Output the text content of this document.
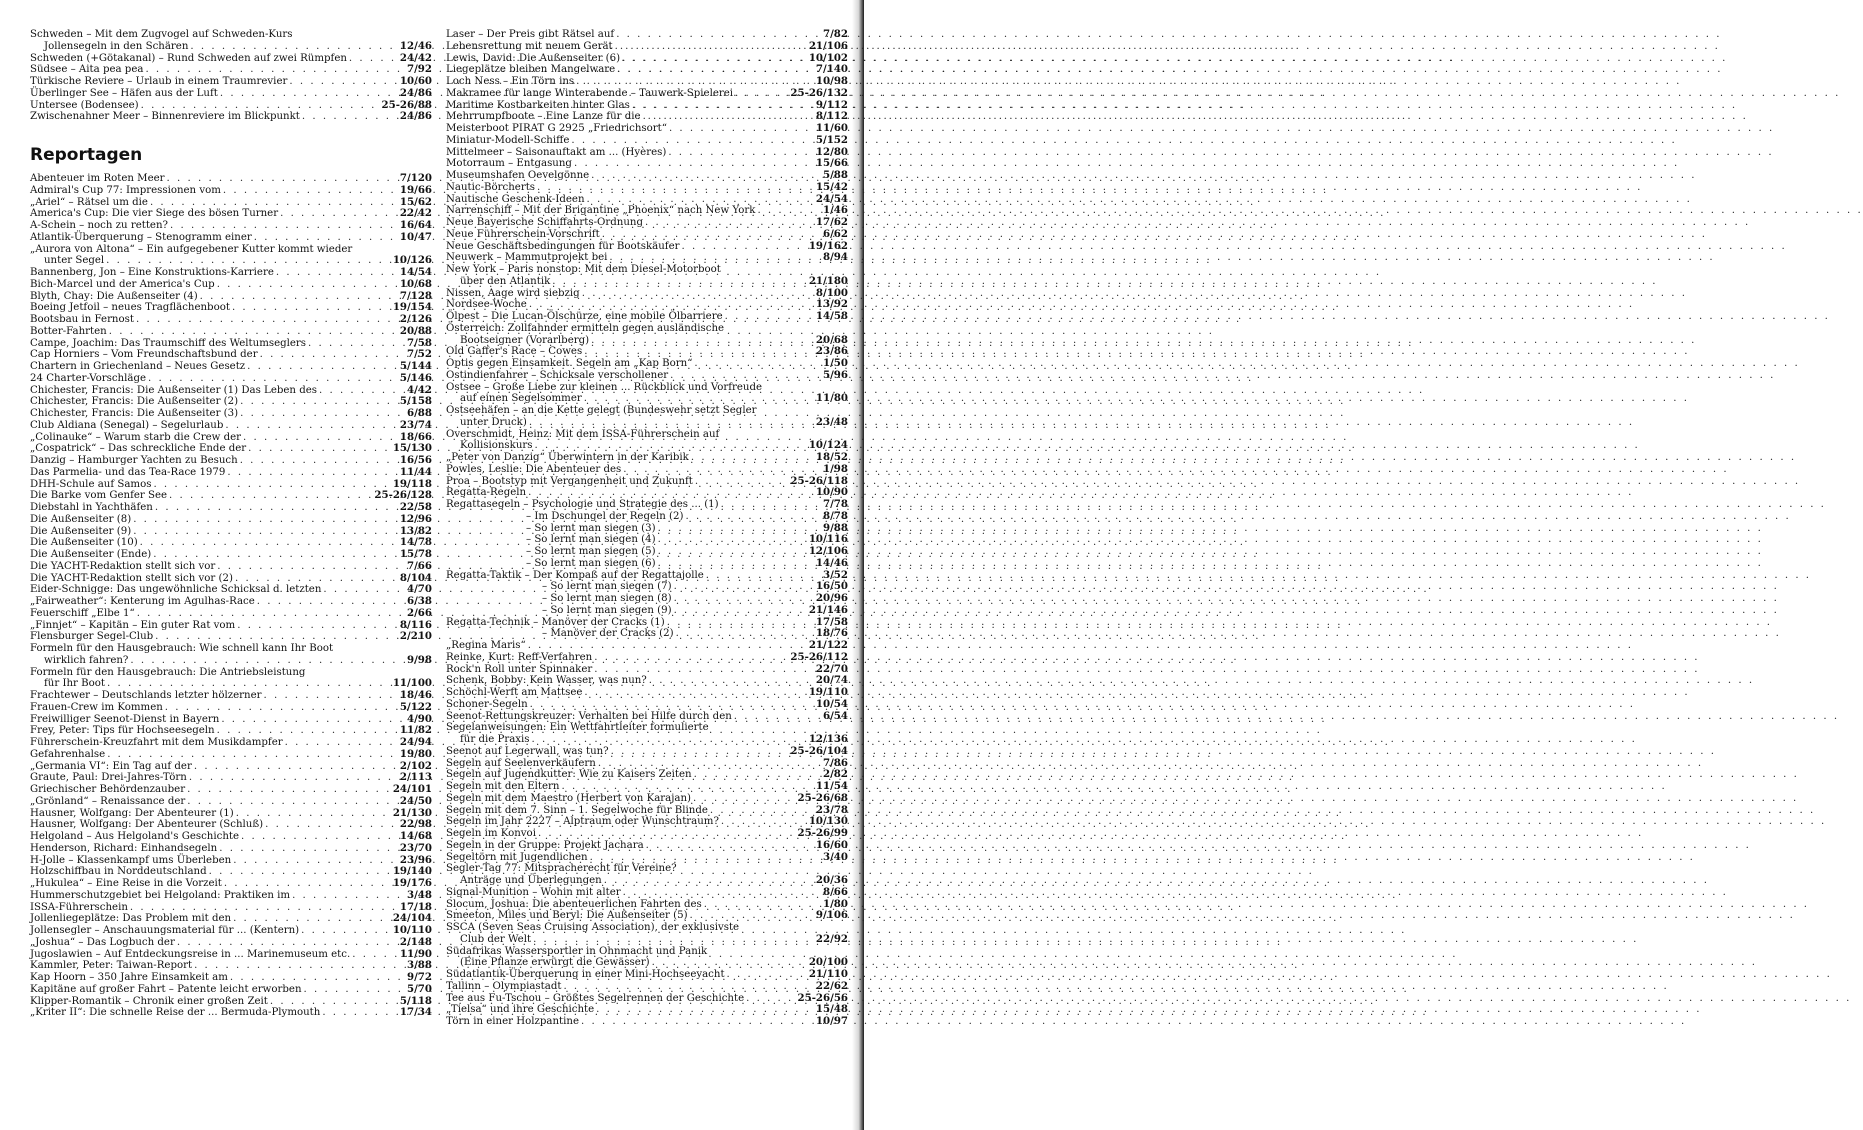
Schweden – Mit dem Zugvogel auf Schweden-Kurs
Jollensegeln in den Schären . . .	12/46
Schweden (+Götakanal) – Rund Schweden auf zwei Rümpfen . . .	24/42
Südsee – Aita pea pea . . .	7/92
Türkische Reviere – Urlaub in einem Traumrevier . . .	10/60
Überlinger See – Häfen aus der Luft . . .	24/86
Untersee (Bodensee) . . .	25-26/88
Zwischenahner Meer – Binnenreviere im Blickpunkt . . .	24/86
Reportagen
Abenteuer im Roten Meer . . .	7/120
Admiral's Cup 77: Impressionen vom . . .	19/66
„Ariel“ – Rätsel um die . . .	15/62
America's Cup: Die vier Siege des bösen Turner . . .	22/42
A-Schein – noch zu retten? . . .	16/64
Atlantik-Überquerung – Stenogramm einer . . .	10/47
„Aurora von Altona“ – Ein aufgegebener Kutter kommt wieder
unter Segel . . .	10/126
Bannenberg, Jon – Eine Konstruktions-Karriere . . .	14/54
Bich-Marcel und der America's Cup . . .	10/68
Blyth, Chay: Die Außenseiter (4) . . .	7/128
Boeing Jetfoil – neues Tragflächenboot . . .	19/154
Bootsbau in Fernost . . .	2/126
Botter-Fahrten . . .	20/88
Campe, Joachim: Das Traumschiff des Weltumseglers . . .	7/58
Cap Horniers – Vom Freundschaftsbund der . . .	7/52
Chartern in Griechenland – Neues Gesetz . . .	5/144
24 Charter-Vorschläge . . .	5/146
Chichester, Francis: Die Außenseiter (1) Das Leben des . . .	4/42
Chichester, Francis: Die Außenseiter (2) . . .	5/158
Chichester, Francis: Die Außenseiter (3) . . .	6/88
Club Aldiana (Senegal) – Segelurlaub . . .	23/74
„Colinauke“ – Warum starb die Crew der . . .	18/66
„Cospatrick“ – Das schreckliche Ende der . . .	15/130
Danzig – Hamburger Yachten zu Besuch . . .	16/56
Das Parmelia- und das Tea-Race 1979 . . .	11/44
DHH-Schule auf Samos . . .	19/118
Die Barke vom Genfer See . . .	25-26/128
Diebstahl in Yachthäfen . . .	22/58
Die Außenseiter (8) . . .	12/96
Die Außenseiter (9) . . .	13/82
Die Außenseiter (10) . . .	14/78
Die Außenseiter (Ende) . . .	15/78
Die YACHT-Redaktion stellt sich vor . . .	7/66
Die YACHT-Redaktion stellt sich vor (2) . . .	8/104
Eider-Schnigge: Das ungewöhnliche Schicksal d. letzten . . .	4/70
„Fairweather“: Kenterung im Agulhas-Race . . .	6/38
Feuerschiff „Elbe 1“ . . .	2/66
„Finnjet“ – Kapitän – Ein guter Rat vom . . .	8/116
Flensburger Segel-Club . . .	2/210
Formeln für den Hausgebrauch: Wie schnell kann Ihr Boot
wirklich fahren? . . .	9/98
Formeln für den Hausgebrauch: Die Antriebsleistung
für Ihr Boot . . .	11/100
Frachtewer – Deutschlands letzter hölzerner . . .	18/46
Frauen-Crew im Kommen . . .	5/122
Freiwilliger Seenot-Dienst in Bayern . . .	4/90
Frey, Peter: Tips für Hochseesegeln . . .	11/82
Führerschein-Kreuzfahrt mit dem Musikdampfer . . .	24/94
Gefahrenhalse . . .	19/80
„Germania VI“: Ein Tag auf der . . .	2/102
Graute, Paul: Drei-Jahres-Törn . . .	2/113
Griechischer Behördenzauber . . .	24/101
„Grönland“ – Renaissance der . . .	24/50
Hausner, Wolfgang: Der Abenteurer (1) . . .	21/130
Hausner, Wolfgang: Der Abenteurer (Schluß) . . .	22/98
Helgoland – Aus Helgoland's Geschichte . . .	14/68
Henderson, Richard: Einhandsegeln . . .	23/70
H-Jolle – Klassenkampf ums Überleben . . .	23/96
Holzschiffbau in Norddeutschland . . .	19/140
„Hukulea“ – Eine Reise in die Vorzeit . . .	19/176
Hummerschutzgebiet bei Helgoland: Praktiken im . . .	3/48
ISSA-Führerschein . . .	17/18
Jollenliegeplätze: Das Problem mit den . . .	24/104
Jollensegler – Anschauungsmaterial für ... (Kentern) . . .	10/110
„Joshua“ – Das Logbuch der . . .	2/148
Jugoslawien – Auf Entdeckungsreise in ... Marinemuseum etc. . . .	11/90
Kammler, Peter: Taiwan-Report . . .	3/88
Kap Hoorn – 350 Jahre Einsamkeit am . . .	9/72
Kapitäne auf großer Fahrt – Patente leicht erworben . . .	5/70
Klipper-Romantik – Chronik einer großen Zeit . . .	5/118
„Kriter II“: Die schnelle Reise der ... Bermuda-Plymouth . . .	17/34
Laser – Der Preis gibt Rätsel auf . . .	7/82
Lebensrettung mit neuem Gerät . . .	21/106
Lewis, David: Die Außenseiter (6) . . .	10/102
Liegeplätze bleiben Mangelware . . .	7/140
Loch Ness – Ein Törn ins . . .	10/98
Makramee für lange Winterabende – Tauwerk-Spielerei . . .	25-26/132
Maritime Kostbarkeiten hinter Glas . . .	9/112
Mehrrumpfboote – Eine Lanze für die . . .	8/112
Meisterboot PIRAT G 2925 „Friedrichsort“ . . .	11/60
Miniatur-Modell-Schiffe . . .	5/152
Mittelmeer – Saisonauftakt am ... (Hyères) . . .	12/80
Motorraum – Entgasung . . .	15/66
Museumshafen Oevelgönne . . .	5/88
Nautic-Börcherts . . .	15/42
Nautische Geschenk-Ideen . . .	24/54
Narrenschiff – Mit der Brigantine „Phoenix“ nach New York . . .	1/46
Neue Bayerische Schiffahrts-Ordnung . . .	17/62
Neue Führerschein-Vorschrift . . .	6/62
Neue Geschäftsbedingungen für Bootskäufer . . .	19/162
Neuwerk – Mammutprojekt bei . . .	8/94
New York – Paris nonstop: Mit dem Diesel-Motorboot
über den Atlantik . . .	21/180
Nissen, Aage wird siebzig . . .	8/100
Nordsee-Woche . . .	13/92
Ölpest – Die Lucan-Ölschürze, eine mobile Ölbarriere . . .	14/58
Österreich: Zollfahnder ermitteln gegen ausländische
Bootseigner (Vorarlberg) . . .	20/68
Old Gaffer's Race – Cowes . . .	23/86
Optis gegen Einsamkeit. Segeln am „Kap Born“ . . .	1/50
Ostindienfahrer – Schicksale verschollener . . .	5/96
Ostsee – Große Liebe zur kleinen ... Rückblick und Vorfreude
auf einen Segelsommer . . .	11/80
Ostseehäfen – an die Kette gelegt (Bundeswehr setzt Segler
unter Druck) . . .	23/48
Overschmidt, Heinz: Mit dem ISSA-Führerschein auf
Kollisionskurs . . .	10/124
„Peter von Danzig“ Überwintern in der Karibik . . .	18/52
Powles, Leslie: Die Abenteuer des . . .	1/98
Proa – Bootstyp mit Vergangenheit und Zukunft . . .	25-26/118
Regatta-Regeln . . .	10/90
Regattasegeln – Psychologie und Strategie des ... (1) . . .	7/78
– Im Dschungel der Regeln (2) . . .	8/78
– So lernt man siegen (3) . . .	9/88
– So lernt man siegen (4) . . .	10/116
– So lernt man siegen (5) . . .	12/106
– So lernt man siegen (6) . . .	14/46
Regatta-Taktik – Der Kompaß auf der Regattajolle . . .	3/52
– So lernt man siegen (7) . . .	16/50
– So lernt man siegen (8) . . .	20/96
– So lernt man siegen (9) . . .	21/146
Regatta-Technik – Manöver der Cracks (1) . . .	17/58
– Manöver der Cracks (2) . . .	18/76
„Regina Maris“ . . .	21/122
Reinke, Kurt: Reff-Verfahren . . .	25-26/112
Rock'n Roll unter Spinnaker . . .	22/70
Schenk, Bobby: Kein Wasser, was nun? . . .	20/74
Schöchl-Werft am Mattsee . . .	19/110
Schoner-Segeln . . .	10/54
Seenot-Rettungskreuzer: Verhalten bei Hilfe durch den . . .	6/54
Segelanweisungen: Ein Wettfahrtleiter formulierte
für die Praxis . . .	12/136
Seenot auf Legerwall, was tun? . . .	25-26/104
Segeln auf Seelenverkäufern . . .	7/86
Segeln auf Jugendkutter: Wie zu Kaisers Zeiten . . .	2/82
Segeln mit den Eltern . . .	11/54
Segeln mit dem Maestro (Herbert von Karajan) . . .	25-26/68
Segeln mit dem 7. Sinn – 1. Segelwoche für Blinde . . .	23/78
Segeln im Jahr 2227 – Alptraum oder Wunschtraum? . . .	10/130
Segeln im Konvoi . . .	25-26/99
Segeln in der Gruppe: Projekt Jachara . . .	16/60
Segeltörn mit Jugendlichen . . .	3/40
Segler-Tag 77: Mitspracherecht für Vereine?
Anträge und Überlegungen . . .	20/36
Signal-Munition – Wohin mit alter . . .	8/66
Slocum, Joshua: Die abenteuerlichen Fahrten des . . .	1/80
Smeeton, Miles und Beryl: Die Außenseiter (5) . . .	9/106
SSCA (Seven Seas Cruising Association), der exklusivste
Club der Welt . . .	22/92
Südafrikas Wassersportler in Ohnmacht und Panik
(Eine Pflanze erwürgt die Gewässer) . . .	20/100
Südatlantik-Überquerung in einer Mini-Hochseeyacht . . .	21/110
Tallinn – Olympiastadt . . .	22/62
Tee aus Fu-Tschou – Größtes Segelrennen der Geschichte . . .	25-26/56
„Tielsa“ und ihre Geschichte . . .	15/48
Törn in einer Holzpantine . . .	10/97
